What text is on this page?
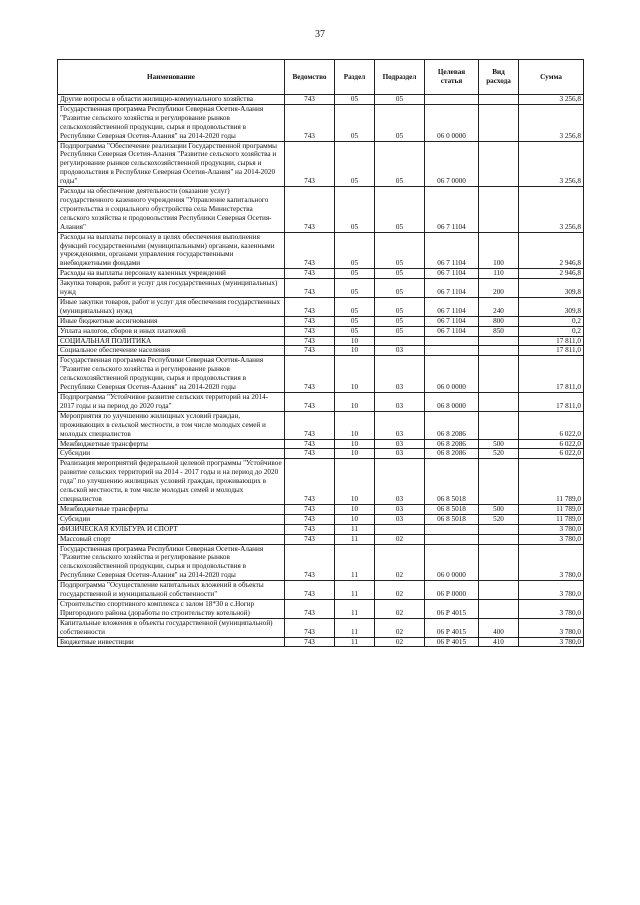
37
Наименование	Ведомство	Раздел	Подраздел	Целевая статья	Вид расхода	Сумма
Другие вопросы в области жилищно-коммунального хозяйства	743	05	05			3 256,8
Государственная программа Республики Северная Осетия-Алания "Развитие сельского хозяйства и регулирование рынков сельскохозяйственной продукции, сырья и продовольствия в Республике Северная Осетия-Алания" на 2014-2020 годы	743	05	05	06 0 0000		3 256,8
Подпрограмма "Обеспечение реализации Государственной программы Республики Северная Осетия-Алания "Развитие сельского хозяйства и регулирование рынков сельскохозяйственной продукции, сырья и продовольствия в Республике Северная Осетия-Алания" на 2014-2020 годы"	743	05	05	06 7 0000		3 256,8
Расходы на обеспечение деятельности (оказание услуг) государственного казенного учреждения "Управление капитального строительства и социального обустройства села Министерства сельского хозяйства и продовольствия Республики Северная Осетия-Алания"	743	05	05	06 7 1104		3 256,8
Расходы на выплаты персоналу в целях обеспечения выполнения функций государственными (муниципальными) органами, казенными учреждениями, органами управления государственными внебюджетными фондами	743	05	05	06 7 1104	100	2 946,8
Расходы на выплаты персоналу казенных учреждений	743	05	05	06 7 1104	110	2 946,8
Закупка товаров, работ и услуг для государственных (муниципальных) нужд	743	05	05	06 7 1104	200	309,8
Иные закупки товаров, работ и услуг для обеспечения государственных (муниципальных) нужд	743	05	05	06 7 1104	240	309,8
Иные бюджетные ассигнования	743	05	05	06 7 1104	800	0,2
Уплата налогов, сборов и иных платежей	743	05	05	06 7 1104	850	0,2
СОЦИАЛЬНАЯ ПОЛИТИКА	743	10				17 811,0
Социальное обеспечение населения	743	10	03			17 811,0
Государственная программа Республики Северная Осетия-Алания "Развитие сельского хозяйства и регулирование рынков сельскохозяйственной продукции, сырья и продовольствия в Республике Северная Осетия-Алания" на 2014-2020 годы	743	10	03	06 0 0000		17 811,0
Подпрограмма "Устойчивое развитие сельских территорий на 2014-2017 годы и на период до 2020 года"	743	10	03	06 8 0000		17 811,0
Мероприятия по улучшению жилищных условий граждан, проживающих в сельской местности, в том числе молодых семей и молодых специалистов	743	10	03	06 8 2086		6 022,0
Межбюджетные трансферты	743	10	03	06 8 2086	500	6 022,0
Субсидии	743	10	03	06 8 2086	520	6 022,0
Реализация мероприятий федеральной целевой программы "Устойчивое развитие сельских территорий на 2014 - 2017 годы и на период до 2020 года" по улучшению жилищных условий граждан, проживающих в сельской местности, в том числе молодых семей и молодых специалистов	743	10	03	06 8 5018		11 789,0
Межбюджетные трансферты	743	10	03	06 8 5018	500	11 789,0
Субсидии	743	10	03	06 8 5018	520	11 789,0
ФИЗИЧЕСКАЯ КУЛЬТУРА И СПОРТ	743	11				3 780,0
Массовый спорт	743	11	02			3 780,0
Государственная программа Республики Северная Осетия-Алания "Развитие сельского хозяйства и регулирование рынков сельскохозяйственной продукции, сырья и продовольствия в Республике Северная Осетия-Алания" на 2014-2020 годы	743	11	02	06 0 0000		3 780,0
Подпрограмма "Осуществление капитальных вложений в объекты государственной и муниципальной собственности"	743	11	02	06 Р 0000		3 780,0
Строительство спортивного комплекса с залом 18*30 в с.Ногир Пригородного района (доработы по строительству котельной)	743	11	02	06 Р 4015		3 780,0
Капитальные вложения в объекты государственной (муниципальной) собственности	743	11	02	06 Р 4015	400	3 780,0
Бюджетные инвестиции	743	11	02	06 Р 4015	410	3 780,0
